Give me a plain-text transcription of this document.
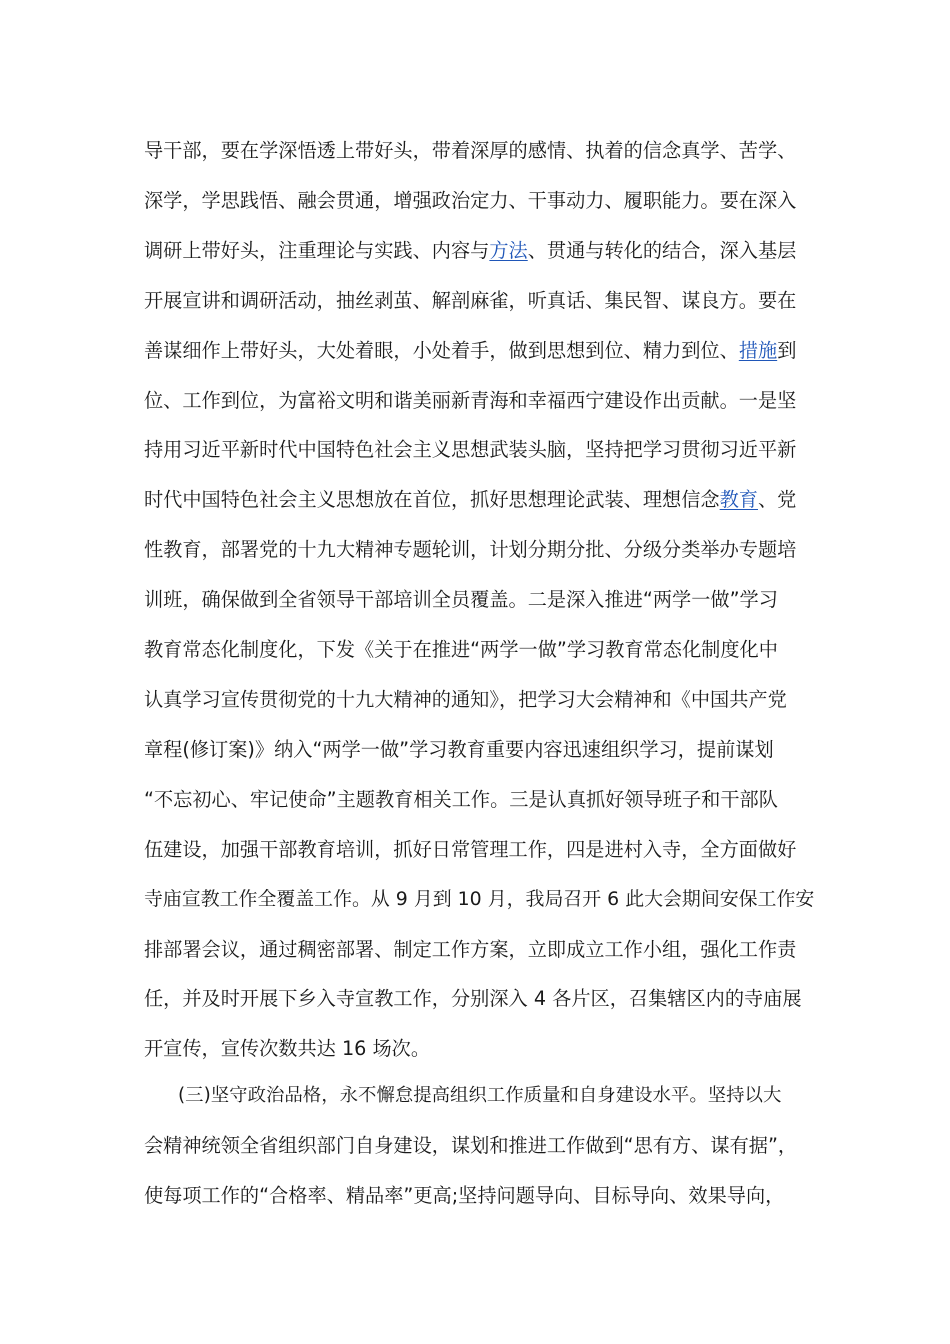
导干部，要在学深悟透上带好头，带着深厚的感情、执着的信念真学、苦学、
深学，学思践悟、融会贯通，增强政治定力、干事动力、履职能力。要在深入
调研上带好头，注重理论与实践、内容与方法、贯通与转化的结合，深入基层
开展宣讲和调研活动，抽丝剥茧、解剖麻雀，听真话、集民智、谋良方。要在
善谋细作上带好头，大处着眼，小处着手，做到思想到位、精力到位、措施到
位、工作到位，为富裕文明和谐美丽新青海和幸福西宁建设作出贡献。一是坚
持用习近平新时代中国特色社会主义思想武装头脑，坚持把学习贯彻习近平新
时代中国特色社会主义思想放在首位，抓好思想理论武装、理想信念教育、党
性教育，部署党的十九大精神专题轮训，计划分期分批、分级分类举办专题培
训班，确保做到全省领导干部培训全员覆盖。二是深入推进“两学一做”学习
教育常态化制度化，下发《关于在推进“两学一做”学习教育常态化制度化中
认真学习宣传贯彻党的十九大精神的通知》，把学习大会精神和《中国共产党
章程(修订案)》纳入“两学一做”学习教育重要内容迅速组织学习，提前谋划
“不忘初心、牢记使命”主题教育相关工作。三是认真抓好领导班子和干部队
伍建设，加强干部教育培训，抓好日常管理工作，四是进村入寺，全方面做好
寺庙宣教工作全覆盖工作。从 9 月到 10 月，我局召开 6 此大会期间安保工作安
排部署会议，通过稠密部署、制定工作方案，立即成立工作小组，强化工作责
任，并及时开展下乡入寺宣教工作，分别深入 4 各片区，召集辖区内的寺庙展
开宣传，宣传次数共达 16 场次。
(三)坚守政治品格，永不懈怠提高组织工作质量和自身建设水平。坚持以大
会精神统领全省组织部门自身建设，谋划和推进工作做到“思有方、谋有据”，
使每项工作的“合格率、精品率”更高;坚持问题导向、目标导向、效果导向，
